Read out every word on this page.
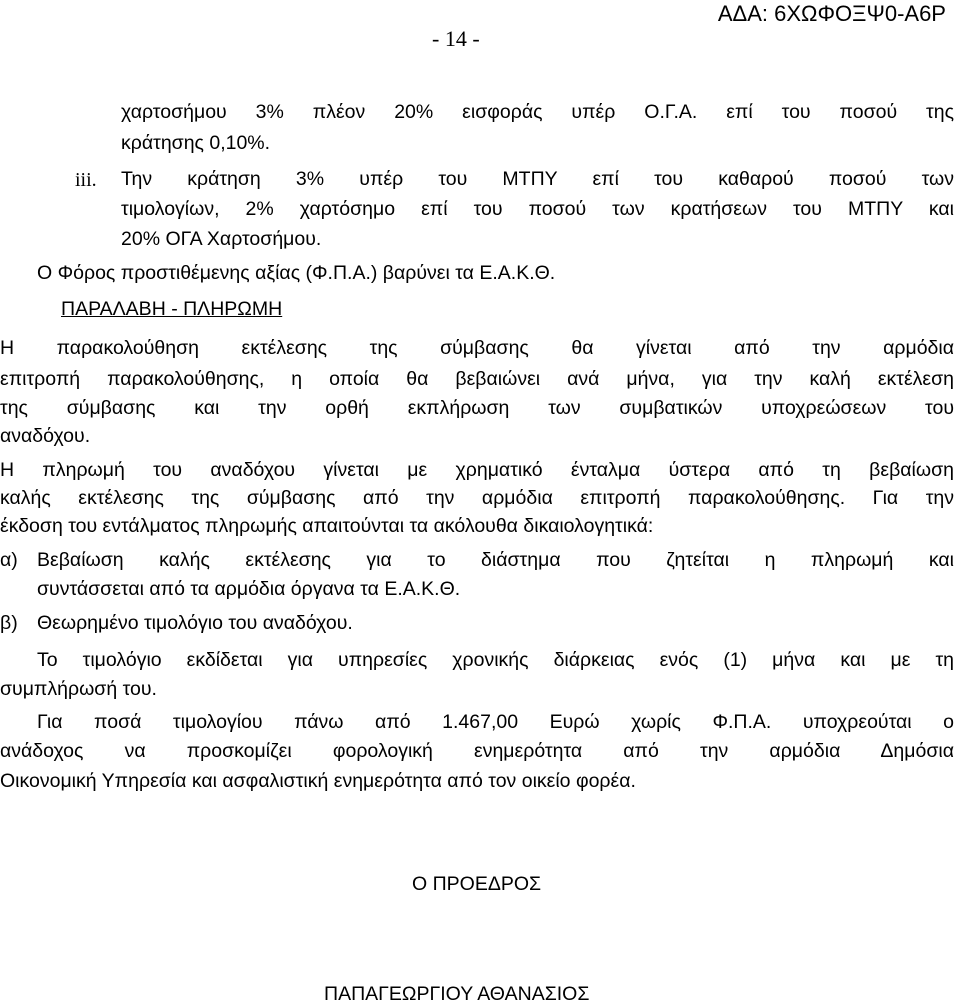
- 14 -
ΑΔΑ: 6ΧΩΦΟΞΨ0-Α6Ρ
χαρτοσήμου 3% πλέον 20% εισφοράς υπέρ Ο.Γ.Α. επί του ποσού της
κράτησης 0,10%.
iii. Την κράτηση 3% υπέρ του ΜΤΠΥ επί του καθαρού ποσού των
τιμολογίων, 2% χαρτόσημο επί του ποσού των κρατήσεων του ΜΤΠΥ και
20% ΟΓΑ Χαρτοσήμου.
Ο Φόρος προστιθέμενης αξίας (Φ.Π.Α.) βαρύνει τα Ε.Α.Κ.Θ.
ΠΑΡΑΛΑΒΗ - ΠΛΗΡΩΜΗ
Η παρακολούθηση εκτέλεσης της σύμβασης θα γίνεται από την αρμόδια
επιτροπή παρακολούθησης, η οποία θα βεβαιώνει ανά μήνα, για την καλή εκτέλεση
της σύμβασης και την ορθή εκπλήρωση των συμβατικών υποχρεώσεων του
αναδόχου.
Η πληρωμή του αναδόχου γίνεται με χρηματικό ένταλμα ύστερα από τη βεβαίωση
καλής εκτέλεσης της σύμβασης από την αρμόδια επιτροπή παρακολούθησης. Για την
έκδοση του εντάλματος πληρωμής απαιτούνται τα ακόλουθα δικαιολογητικά:
α) Βεβαίωση καλής εκτέλεσης για το διάστημα που ζητείται η πληρωμή και
συντάσσεται από τα αρμόδια όργανα τα Ε.Α.Κ.Θ.
β) Θεωρημένο τιμολόγιο του αναδόχου.
Το τιμολόγιο εκδίδεται για υπηρεσίες χρονικής διάρκειας ενός (1) μήνα και με τη
συμπλήρωσή του.
Για ποσά τιμολογίου πάνω από 1.467,00 Ευρώ χωρίς Φ.Π.Α. υποχρεούται ο
ανάδοχος να προσκομίζει φορολογική ενημερότητα από την αρμόδια Δημόσια
Οικονομική Υπηρεσία και ασφαλιστική ενημερότητα από τον οικείο φορέα.
Ο ΠΡΟΕΔΡΟΣ
ΠΑΠΑΓΕΩΡΓΙΟΥ ΑΘΑΝΑΣΙΟΣ
